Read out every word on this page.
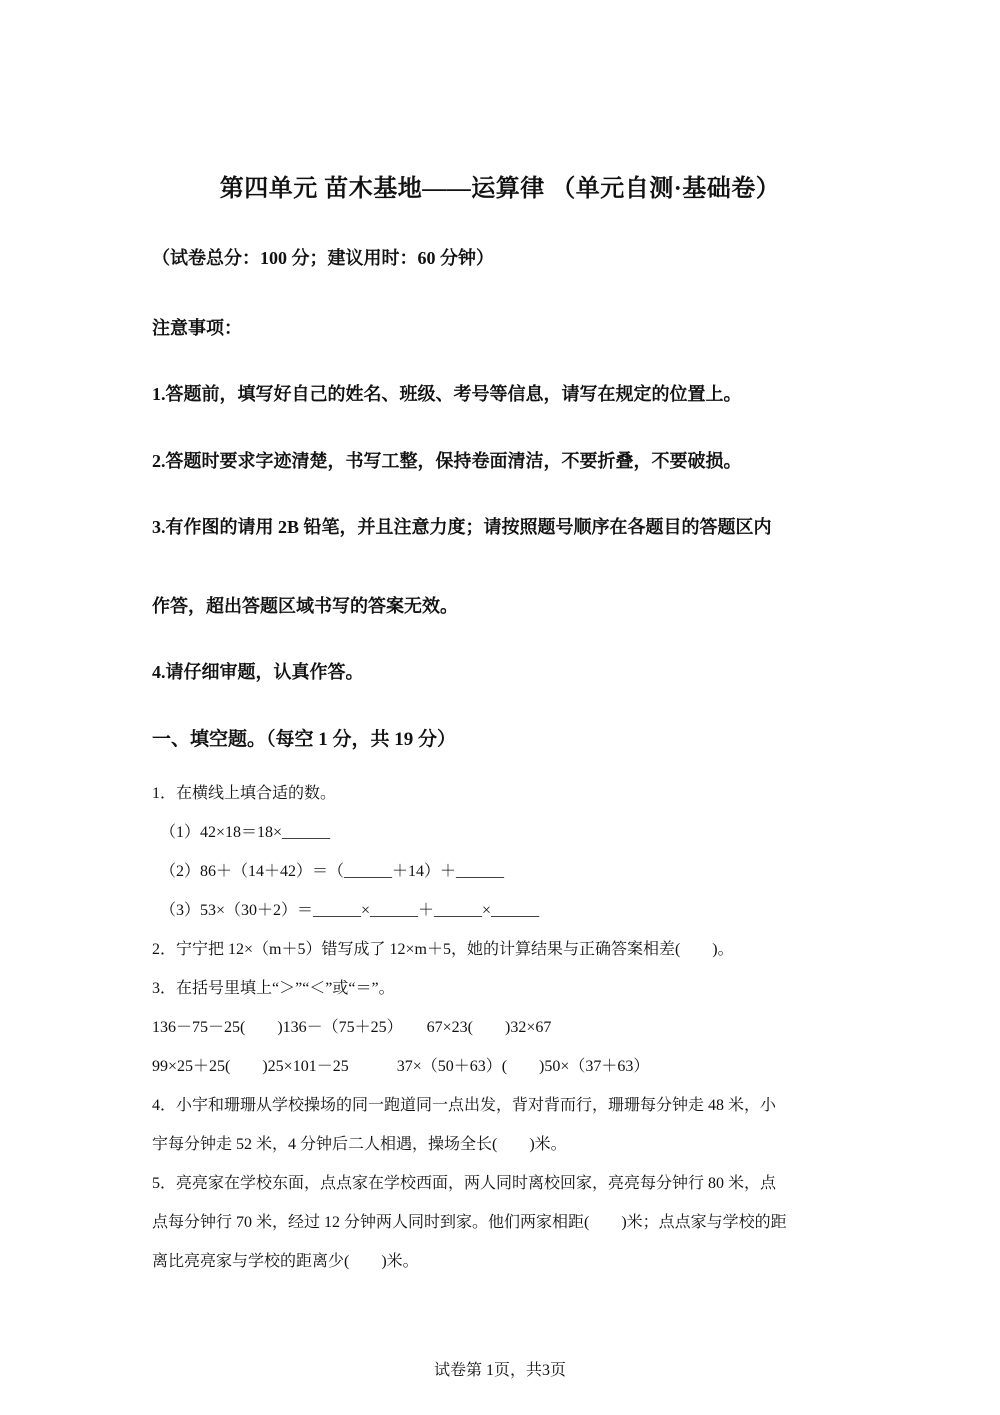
第四单元 苗木基地——运算律 （单元自测·基础卷）
（试卷总分：100 分；建议用时：60 分钟）
注意事项：
1.答题前，填写好自己的姓名、班级、考号等信息，请写在规定的位置上。
2.答题时要求字迹清楚，书写工整，保持卷面清洁，不要折叠，不要破损。
3.有作图的请用 2B 铅笔，并且注意力度；请按照题号顺序在各题目的答题区内
作答，超出答题区域书写的答案无效。
4.请仔细审题，认真作答。
一、填空题。（每空 1 分，共 19 分）
1．在横线上填合适的数。
（1）42×18＝18×______
（2）86＋（14＋42）＝（______＋14）＋______
（3）53×（30＋2）＝______×______＋______×______
2．宁宁把 12×（m＋5）错写成了 12×m＋5，她的计算结果与正确答案相差(　　)。
3．在括号里填上“＞”“＜”或“＝”。
136－75－25(　　)136－（75＋25）　　67×23(　　)32×67
99×25＋25(　　)25×101－25　　　37×（50＋63）(　　)50×（37＋63）
4．小宇和珊珊从学校操场的同一跑道同一点出发，背对背而行，珊珊每分钟走 48 米，小
宇每分钟走 52 米，4 分钟后二人相遇，操场全长(　　)米。
5．亮亮家在学校东面，点点家在学校西面，两人同时离校回家，亮亮每分钟行 80 米，点
点每分钟行 70 米，经过 12 分钟两人同时到家。他们两家相距(　　)米；点点家与学校的距
离比亮亮家与学校的距离少(　　)米。
试卷第 1页，共3页
